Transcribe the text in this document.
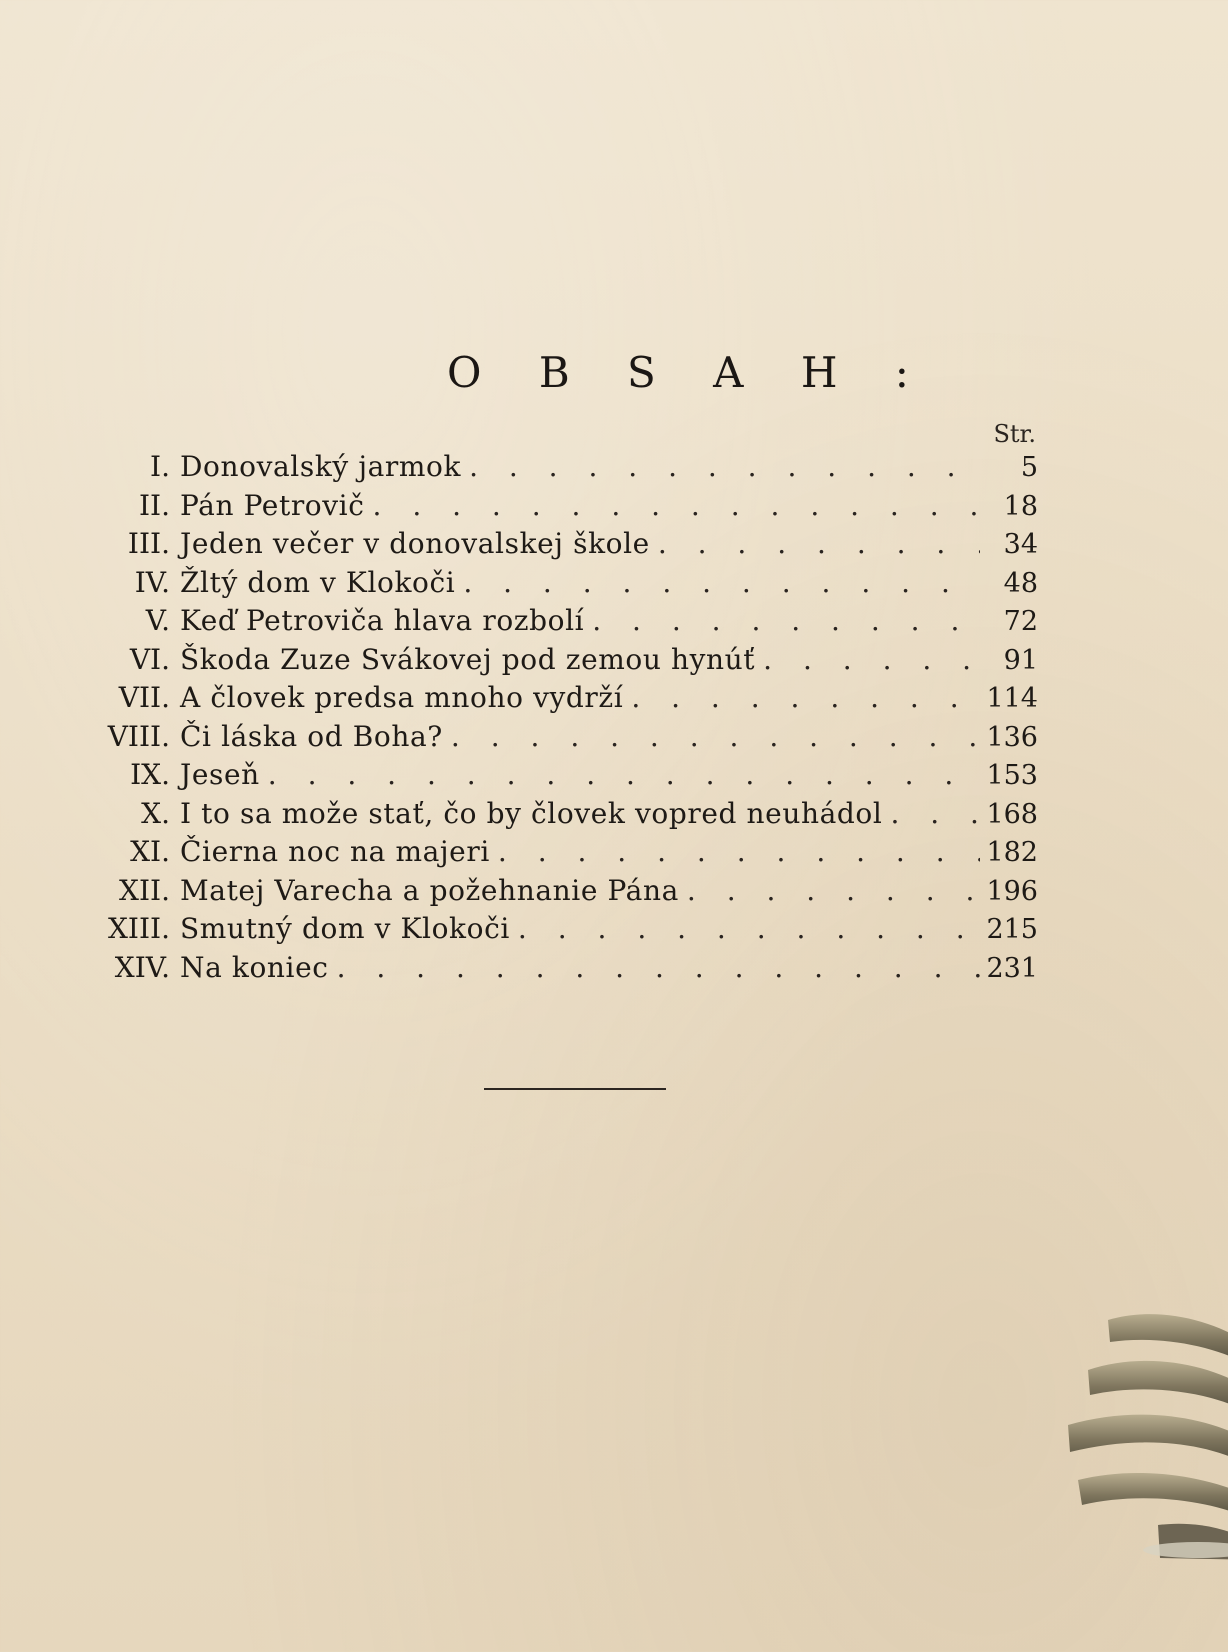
O B S A H :
Str.
I. Donovalský jarmok . . .	5
II. Pán Petrovič . . .	18
III. Jeden večer v donovalskej škole . . .	34
IV. Žltý dom v Klokoči . . .	48
V. Keď Petroviča hlava rozbolí . . .	72
VI. Škoda Zuze Svákovej pod zemou hynúť . . .	91
VII. A človek predsa mnoho vydrží . . .	114
VIII. Či láska od Boha? . . .	136
IX. Jeseň . . .	153
X. I to sa može stať, čo by človek vopred neuhádol . . .	168
XI. Čierna noc na majeri . . .	182
XII. Matej Varecha a požehnanie Pána . . .	196
XIII. Smutný dom v Klokoči . . .	215
XIV. Na koniec . . .	231
